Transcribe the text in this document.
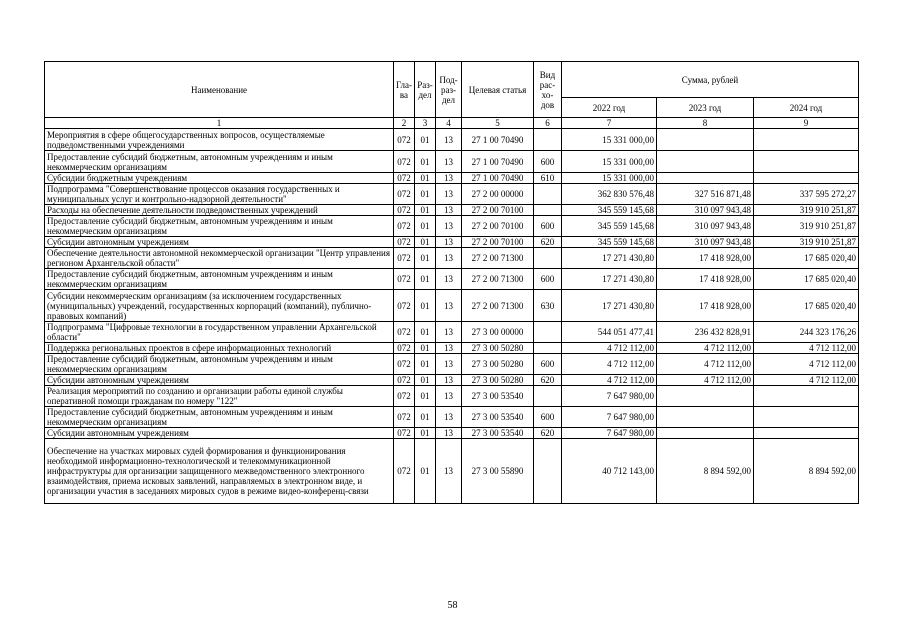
Наименование	Гла-ва	Раз-дел	Под-раз-дел	Целевая статья	Вид рас-хо-дов	Сумма, рублей		
						2022 год	2023 год	2024 год
1	2	3	4	5	6	7	8	9
Мероприятия в сфере общегосударственных вопросов, осуществляемые подведомственными учреждениями	072	01	13	27 1 00 70490		15 331 000,00		
Предоставление субсидий бюджетным, автономным учреждениям и иным некоммерческим организациям	072	01	13	27 1 00 70490	600	15 331 000,00		
Субсидии бюджетным учреждениям	072	01	13	27 1 00 70490	610	15 331 000,00		
Подпрограмма "Совершенствование процессов оказания государственных и муниципальных услуг и контрольно-надзорной деятельности"	072	01	13	27 2 00 00000		362 830 576,48	327 516 871,48	337 595 272,27
Расходы на обеспечение деятельности подведомственных учреждений	072	01	13	27 2 00 70100		345 559 145,68	310 097 943,48	319 910 251,87
Предоставление субсидий бюджетным, автономным учреждениям и иным некоммерческим организациям	072	01	13	27 2 00 70100	600	345 559 145,68	310 097 943,48	319 910 251,87
Субсидии автономным учреждениям	072	01	13	27 2 00 70100	620	345 559 145,68	310 097 943,48	319 910 251,87
Обеспечение деятельности автономной некоммерческой организации "Центр управления регионом Архангельской области"	072	01	13	27 2 00 71300		17 271 430,80	17 418 928,00	17 685 020,40
Предоставление субсидий бюджетным, автономным учреждениям и иным некоммерческим организациям	072	01	13	27 2 00 71300	600	17 271 430,80	17 418 928,00	17 685 020,40
Субсидии некоммерческим организациям (за исключением государственных (муниципальных) учреждений, государственных корпораций (компаний), публично-правовых компаний)	072	01	13	27 2 00 71300	630	17 271 430,80	17 418 928,00	17 685 020,40
Подпрограмма "Цифровые технологии в государственном управлении Архангельской области"	072	01	13	27 3 00 00000		544 051 477,41	236 432 828,91	244 323 176,26
Поддержка региональных проектов в сфере информационных технологий	072	01	13	27 3 00 50280		4 712 112,00	4 712 112,00	4 712 112,00
Предоставление субсидий бюджетным, автономным учреждениям и иным некоммерческим организациям	072	01	13	27 3 00 50280	600	4 712 112,00	4 712 112,00	4 712 112,00
Субсидии автономным учреждениям	072	01	13	27 3 00 50280	620	4 712 112,00	4 712 112,00	4 712 112,00
Реализация мероприятий по созданию и организации работы единой службы оперативной помощи гражданам по номеру "122"	072	01	13	27 3 00 53540		7 647 980,00		
Предоставление субсидий бюджетным, автономным учреждениям и иным некоммерческим организациям	072	01	13	27 3 00 53540	600	7 647 980,00		
Субсидии автономным учреждениям	072	01	13	27 3 00 53540	620	7 647 980,00		
Обеспечение на участках мировых судей формирования и функционирования необходимой информационно-технологической и телекоммуникационной инфраструктуры для организации защищенного межведомственного электронного взаимодействия, приема исковых заявлений, направляемых в электронном виде, и организации участия в заседаниях мировых судов в режиме видео-конференц-связи	072	01	13	27 3 00 55890		40 712 143,00	8 894 592,00	8 894 592,00
58
